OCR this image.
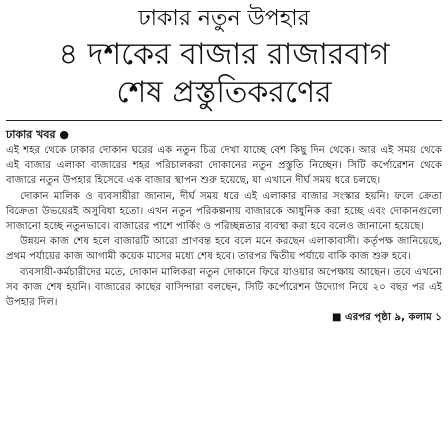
ঢাকার নতুন উপহার
৪ দশকের বাজার রাজারবাগ
শেষ প্রস্তুতিকরণের
ঢাকার খবর ●

এই শহর থেকে ঢাকার দোকান ঘরের এক নতুন চিত্র দেখা যাচ্ছে বেশ কিছু দিন থেকে। আর এই সময় থেকে এই বাজার এলাকা বাজারের শহর পরিচালকরা দোকানের নতুন প্রস্তুতি নিচ্ছেন। সিটি কর্পোরেশন থেকে বাজারে নতুন উপহার হিসেবে এক বাজার স্থাপন শুরু হয়েছে, যা এখানে দীর্ঘ সময় ধরে চলছে।

দোকান মালিক ও ব্যবসায়ীরা জানান, দীর্ঘ সময় ধরে এই এলাকার বাজার সংস্কার হয়নি। ফলে ক্রেতা বিক্রেতা উভয়েরই অসুবিধা হতো। এখন নতুন পরিকল্পনায় বাজারকে আধুনিক করা হচ্ছে এবং দোকানগুলো সাজানো হচ্ছে নতুনভাবে। বাজারের পাশে পার্কিং ও পরিচ্ছন্নতার ব্যবস্থা করা হবে বলেও জানানো হয়েছে।

উন্নয়ন কাজ শেষ হলে বাজারটি আরো প্রাণবন্ত হবে বলে মনে করছেন এলাকাবাসী। কর্তৃপক্ষ জানিয়েছে, প্রথম পর্যায়ের কাজ আগামী কয়েক মাসের মধ্যে শেষ হবে। তারপর দ্বিতীয় পর্যায়ে বাকি কাজ শুরু হবে।

ব্যবসায়ী-কর্মচারীদের মতে, দোকান মালিকরা নতুন দোকানে ফিরে যাওয়ার অপেক্ষায় আছেন। তবে এখনো সব কাজ শেষ হয়নি। বাজারের কাছের বাসিন্দারা বলছেন, সিটি কর্পোরেশন উদ্যোগ নিয়ে ২০ বছর পর এই উপহার দিল।

■ এরপর পৃষ্ঠা ৯, কলাম ১
